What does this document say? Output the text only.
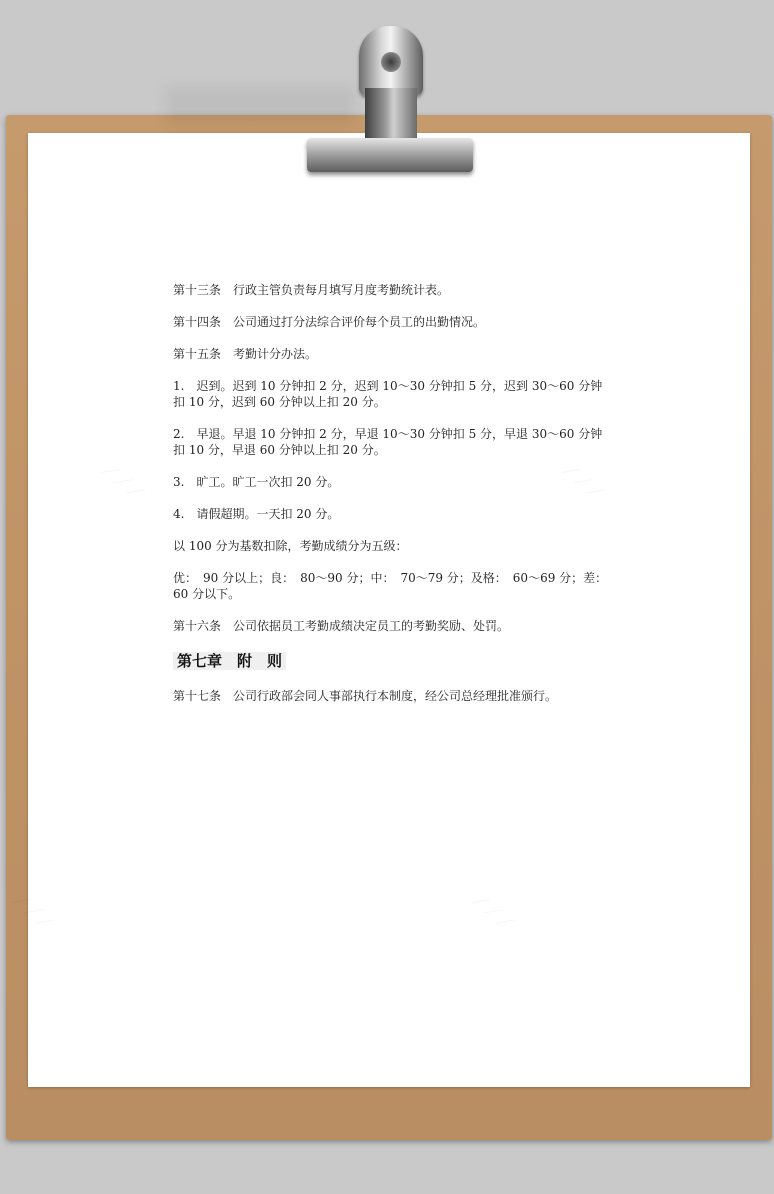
第十三条　行政主管负责每月填写月度考勤统计表。

第十四条　公司通过打分法综合评价每个员工的出勤情况。

第十五条　考勤计分办法。

1.　迟到。迟到 10 分钟扣 2 分，迟到 10～30 分钟扣 5 分，迟到 30～60 分钟扣 10 分，迟到 60 分钟以上扣 20 分。

2.　早退。早退 10 分钟扣 2 分，早退 10～30 分钟扣 5 分，早退 30～60 分钟扣 10 分，早退 60 分钟以上扣 20 分。

3.　旷工。旷工一次扣 20 分。

4.　请假超期。一天扣 20 分。

以 100 分为基数扣除，考勤成绩分为五级：

优：　90 分以上；良：　80～90 分；中：　70～79 分；及格：　60～69 分；差：　60 分以下。

第十六条　公司依据员工考勤成绩决定员工的考勤奖励、处罚。

第七章　附　则

第十七条　公司行政部会同人事部执行本制度，经公司总经理批准颁行。
